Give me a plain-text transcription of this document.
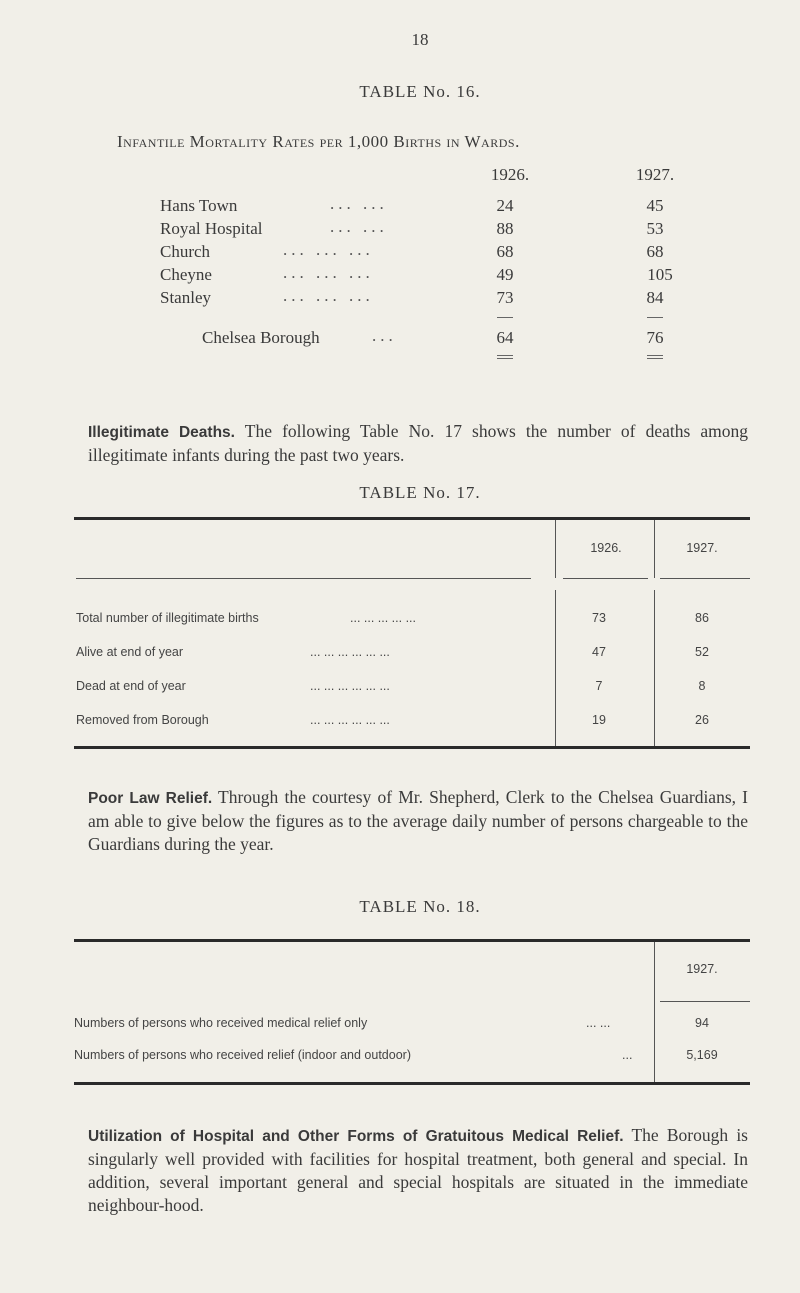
18
TABLE No. 16.
Infantile Mortality Rates per 1,000 Births in Wards.
1926.	1927.
Hans Town	... ...	24	45
Royal Hospital	... ...	88	53
Church	... ... ...	68	68
Cheyne	... ... ...	49	105
Stanley	... ... ...	73	84
Chelsea Borough	...	64	76
Illegitimate Deaths. The following Table No. 17 shows the number of deaths among illegitimate infants during the past two years.
TABLE No. 17.
1926.	1927.
Total number of illegitimate births	... ... ... ... ...	73	86
Alive at end of year	... ... ... ... ... ...	47	52
Dead at end of year	... ... ... ... ... ...	7	8
Removed from Borough	... ... ... ... ... ...	19	26
Poor Law Relief. Through the courtesy of Mr. Shepherd, Clerk to the Chelsea Guardians, I am able to give below the figures as to the average daily number of persons chargeable to the Guardians during the year.
TABLE No. 18.
1927.
Numbers of persons who received medical relief only	... ...	94
Numbers of persons who received relief (indoor and outdoor)	...	5,169
Utilization of Hospital and Other Forms of Gratuitous Medical Relief. The Borough is singularly well provided with facilities for hospital treatment, both general and special. In addition, several important general and special hospitals are situated in the immediate neighbour-hood.
